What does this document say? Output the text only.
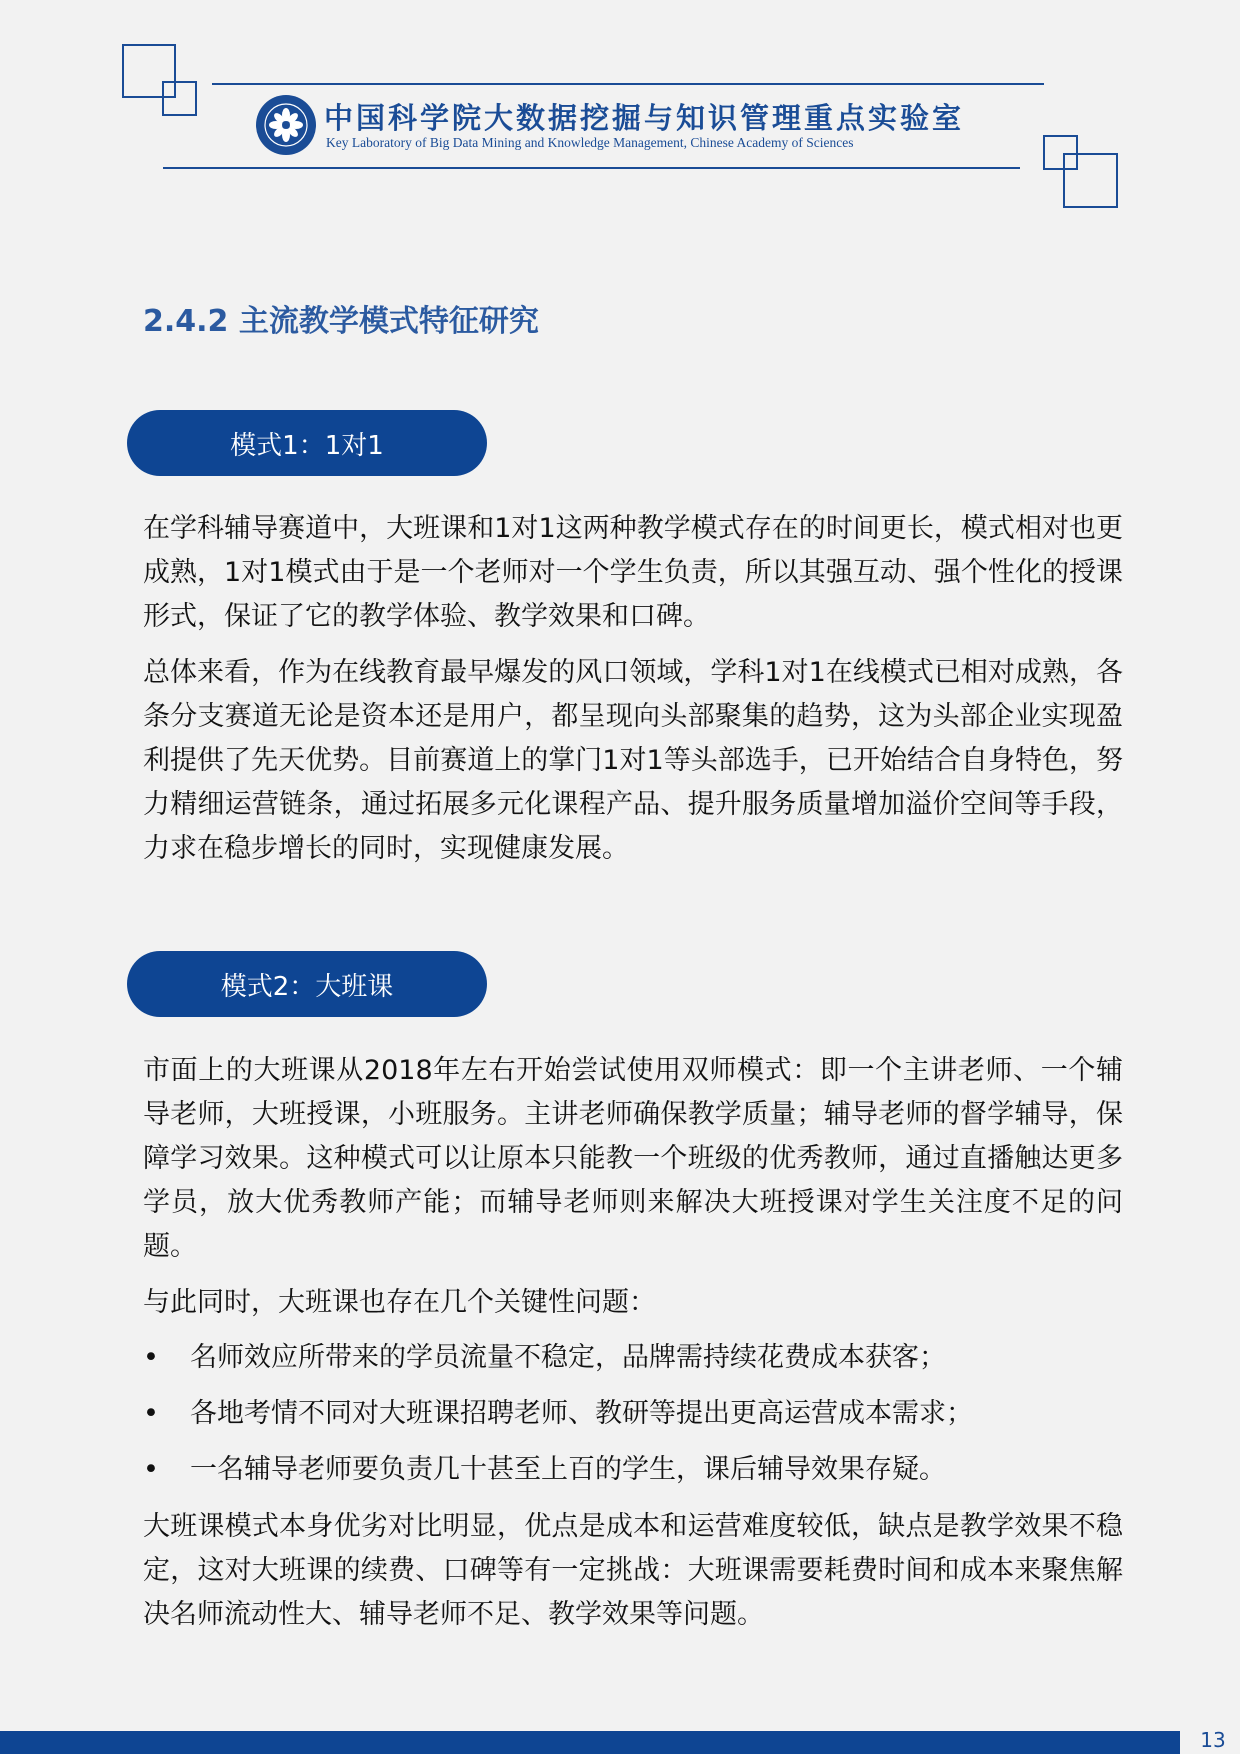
中国科学院大数据挖掘与知识管理重点实验室
Key Laboratory of Big Data Mining and Knowledge Management, Chinese Academy of Sciences
2.4.2 主流教学模式特征研究
模式1：1对1

在学科辅导赛道中，大班课和1对1这两种教学模式存在的时间更长，模式相对也更成熟，1对1模式由于是一个老师对一个学生负责，所以其强互动、强个性化的授课形式，保证了它的教学体验、教学效果和口碑。

总体来看，作为在线教育最早爆发的风口领域，学科1对1在线模式已相对成熟，各条分支赛道无论是资本还是用户，都呈现向头部聚集的趋势，这为头部企业实现盈利提供了先天优势。目前赛道上的掌门1对1等头部选手，已开始结合自身特色，努力精细运营链条，通过拓展多元化课程产品、提升服务质量增加溢价空间等手段，力求在稳步增长的同时，实现健康发展。

模式2：大班课

市面上的大班课从2018年左右开始尝试使用双师模式：即一个主讲老师、一个辅导老师，大班授课，小班服务。主讲老师确保教学质量；辅导老师的督学辅导，保障学习效果。这种模式可以让原本只能教一个班级的优秀教师，通过直播触达更多学员，放大优秀教师产能；而辅导老师则来解决大班授课对学生关注度不足的问题。

与此同时，大班课也存在几个关键性问题：

• 名师效应所带来的学员流量不稳定，品牌需持续花费成本获客；
• 各地考情不同对大班课招聘老师、教研等提出更高运营成本需求；
• 一名辅导老师要负责几十甚至上百的学生，课后辅导效果存疑。

大班课模式本身优劣对比明显，优点是成本和运营难度较低，缺点是教学效果不稳定，这对大班课的续费、口碑等有一定挑战：大班课需要耗费时间和成本来聚焦解决名师流动性大、辅导老师不足、教学效果等问题。

13
